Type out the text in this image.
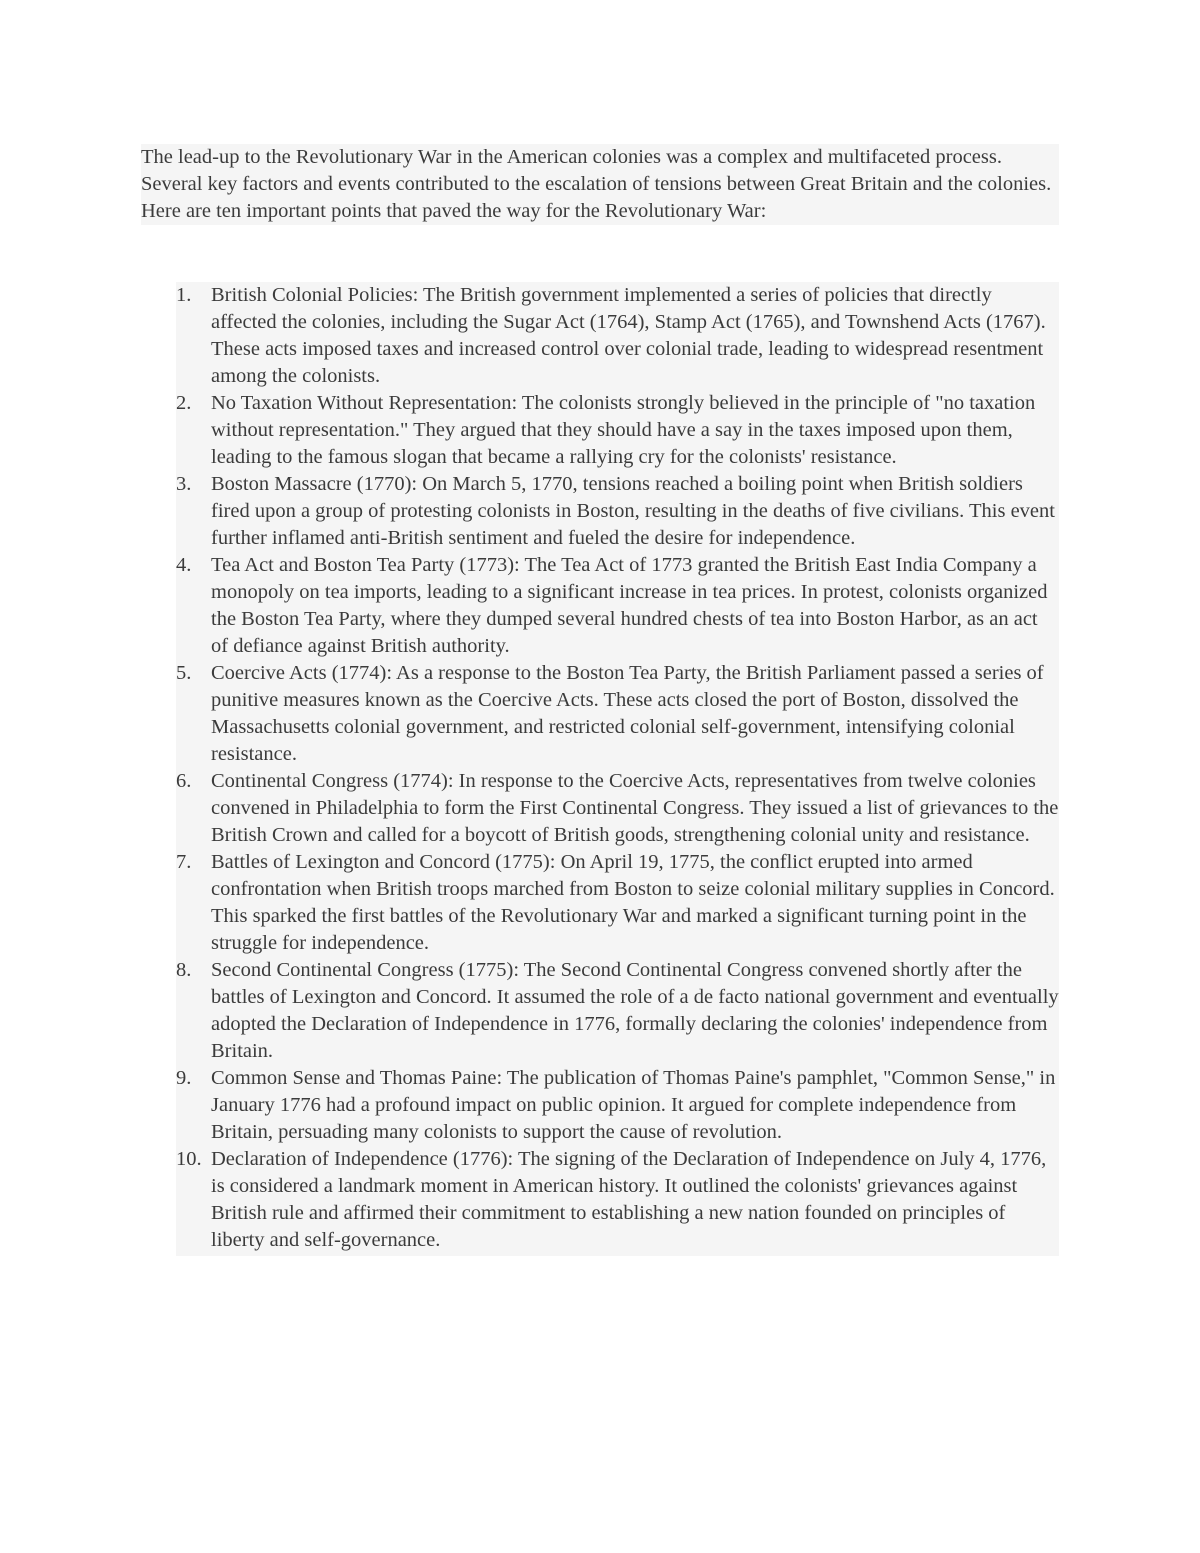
The lead-up to the Revolutionary War in the American colonies was a complex and multifaceted process. Several key factors and events contributed to the escalation of tensions between Great Britain and the colonies. Here are ten important points that paved the way for the Revolutionary War:
1. British Colonial Policies: The British government implemented a series of policies that directly affected the colonies, including the Sugar Act (1764), Stamp Act (1765), and Townshend Acts (1767). These acts imposed taxes and increased control over colonial trade, leading to widespread resentment among the colonists.
2. No Taxation Without Representation: The colonists strongly believed in the principle of "no taxation without representation." They argued that they should have a say in the taxes imposed upon them, leading to the famous slogan that became a rallying cry for the colonists' resistance.
3. Boston Massacre (1770): On March 5, 1770, tensions reached a boiling point when British soldiers fired upon a group of protesting colonists in Boston, resulting in the deaths of five civilians. This event further inflamed anti-British sentiment and fueled the desire for independence.
4. Tea Act and Boston Tea Party (1773): The Tea Act of 1773 granted the British East India Company a monopoly on tea imports, leading to a significant increase in tea prices. In protest, colonists organized the Boston Tea Party, where they dumped several hundred chests of tea into Boston Harbor, as an act of defiance against British authority.
5. Coercive Acts (1774): As a response to the Boston Tea Party, the British Parliament passed a series of punitive measures known as the Coercive Acts. These acts closed the port of Boston, dissolved the Massachusetts colonial government, and restricted colonial self-government, intensifying colonial resistance.
6. Continental Congress (1774): In response to the Coercive Acts, representatives from twelve colonies convened in Philadelphia to form the First Continental Congress. They issued a list of grievances to the British Crown and called for a boycott of British goods, strengthening colonial unity and resistance.
7. Battles of Lexington and Concord (1775): On April 19, 1775, the conflict erupted into armed confrontation when British troops marched from Boston to seize colonial military supplies in Concord. This sparked the first battles of the Revolutionary War and marked a significant turning point in the struggle for independence.
8. Second Continental Congress (1775): The Second Continental Congress convened shortly after the battles of Lexington and Concord. It assumed the role of a de facto national government and eventually adopted the Declaration of Independence in 1776, formally declaring the colonies' independence from Britain.
9. Common Sense and Thomas Paine: The publication of Thomas Paine's pamphlet, "Common Sense," in January 1776 had a profound impact on public opinion. It argued for complete independence from Britain, persuading many colonists to support the cause of revolution.
10. Declaration of Independence (1776): The signing of the Declaration of Independence on July 4, 1776, is considered a landmark moment in American history. It outlined the colonists' grievances against British rule and affirmed their commitment to establishing a new nation founded on principles of liberty and self-governance.
